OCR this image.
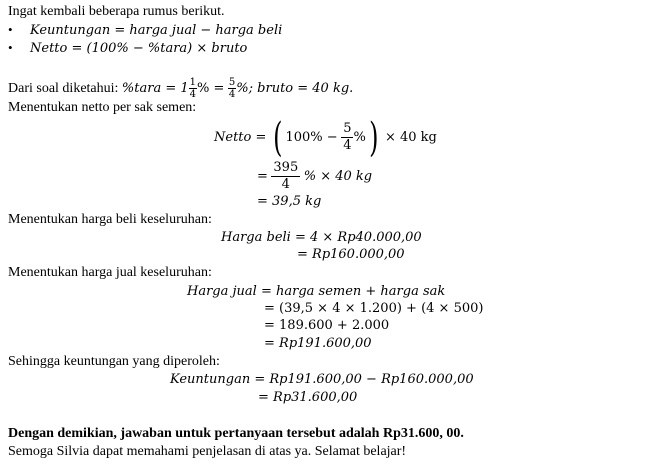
Ingat kembali beberapa rumus berikut.
• Keuntungan = harga jual − harga beli
• Netto = (100% − %tara) × bruto
Dari soal diketahui: %tara = $1 \frac{1}{4}$ % = $\frac{5}{4}$ %; bruto = 40 kg.
Menentukan netto per sak semen:
Netto = ( $100\% - \frac{5}{4}$ %) × 40 kg
= $\frac{395}{4}$ % × 40 kg
= 39,5 kg
Menentukan harga beli keseluruhan:
Harga beli = 4 × Rp40.000,00
= Rp160.000,00
Menentukan harga jual keseluruhan:
Harga jual = harga semen + harga sak
= (39,5 × 4 × 1.200) + (4 × 500)
= 189.600 + 2.000
= Rp191.600,00
Sehingga keuntungan yang diperoleh:
Keuntungan = Rp191.600,00 − Rp160.000,00
= Rp31.600,00
Dengan demikian, jawaban untuk pertanyaan tersebut adalah Rp31.600, 00.
Semoga Silvia dapat memahami penjelasan di atas ya. Selamat belajar!
